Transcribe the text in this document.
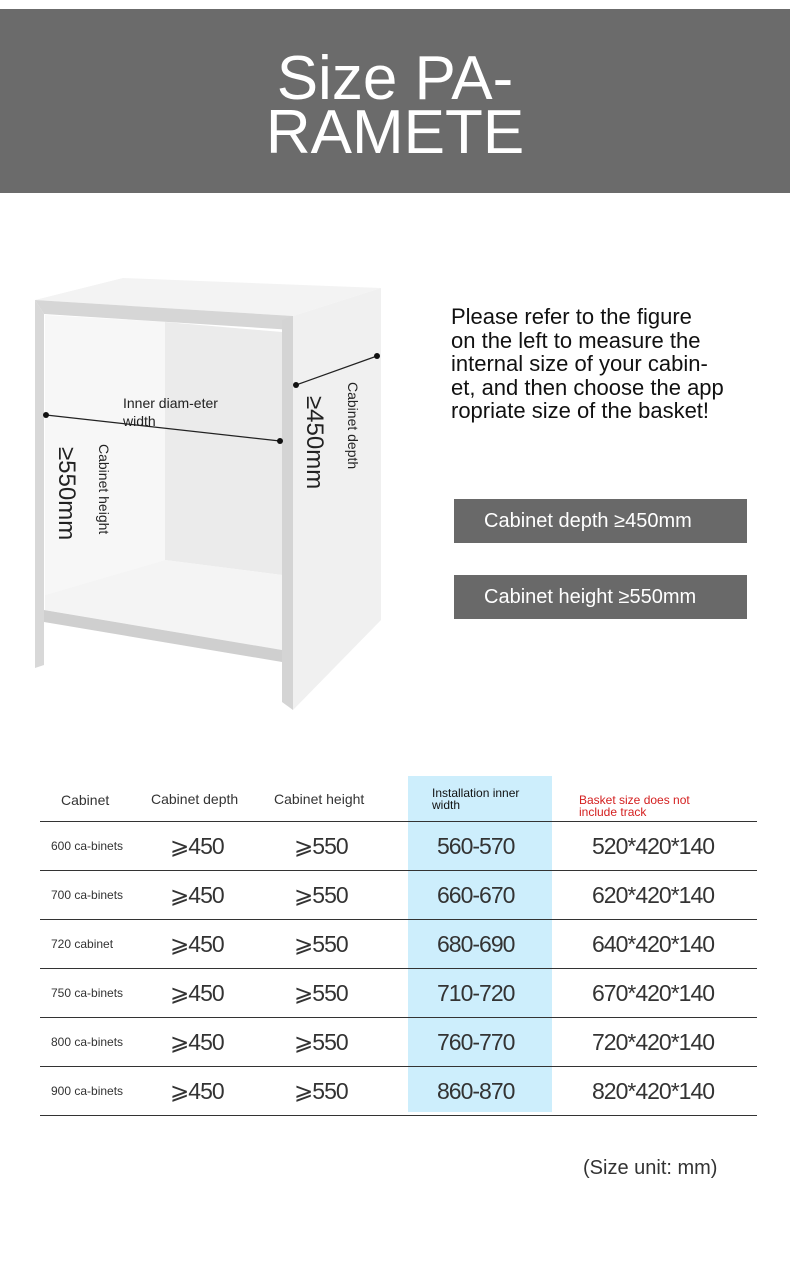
Size PA-
RAMETE
Inner diam-eter width
Cabinet height
≥550mm
Cabinet depth
≥450mm
Please refer to the figure
on the left to measure the
internal size of your cabin-
et, and then choose the app
ropriate size of the basket!
Cabinet depth ≥450mm
Cabinet height ≥550mm
Cabinet	Cabinet depth	Cabinet height	Installation inner width	Basket size does not include track
600 ca-binets	⩾450	⩾550	560-570	520*420*140
700 ca-binets	⩾450	⩾550	660-670	620*420*140
720 cabinet	⩾450	⩾550	680-690	640*420*140
750 ca-binets	⩾450	⩾550	710-720	670*420*140
800 ca-binets	⩾450	⩾550	760-770	720*420*140
900 ca-binets	⩾450	⩾550	860-870	820*420*140
(Size unit: mm)
